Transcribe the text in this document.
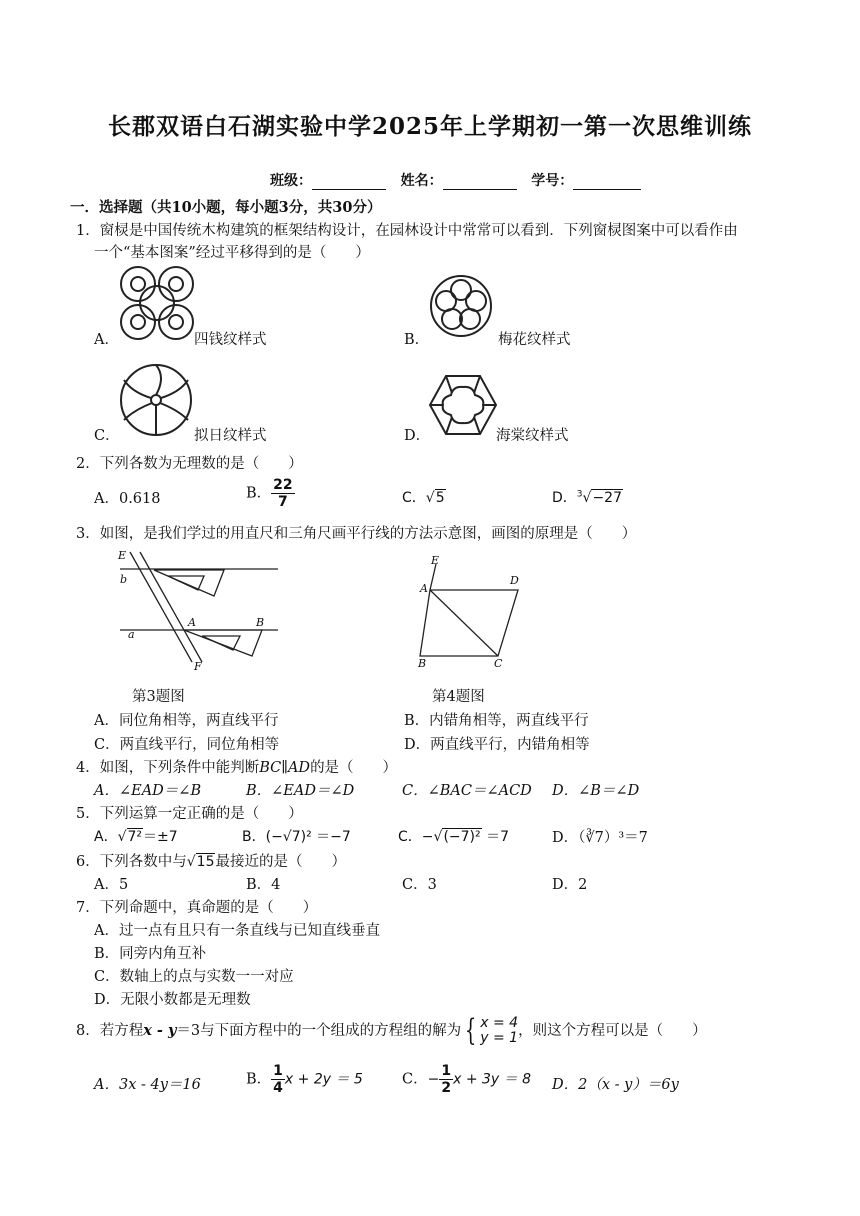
长郡双语白石湖实验中学2025年上学期初一第一次思维训练
班级：	姓名：	学号：
一．选择题（共10小题，每小题3分，共30分）
1．窗棂是中国传统木构建筑的框架结构设计，在园林设计中常常可以看到．下列窗棂图案中可以看作由
一个“基本图案”经过平移得到的是（　　）
A．	四钱纹样式	B．	梅花纹样式
C．	拟日纹样式	D．	海棠纹样式
2．下列各数为无理数的是（　　）
A．0.618	B． $\frac{22}{7}$	C．√5	D．$^3$√−27
3．如图，是我们学过的用直尺和三角尺画平行线的方法示意图，画图的原理是（　　）
E
b
a
A	B
F
E
A
D
B	C
第3题图	第4题图
A．同位角相等，两直线平行	B．内错角相等，两直线平行
C．两直线平行，同位角相等	D．两直线平行，内错角相等
4．如图，下列条件中能判断BC∥AD的是（　　）
A．∠EAD＝∠B	B．∠EAD＝∠D	C．∠BAC＝∠ACD D．∠B＝∠D
5．下列运算一定正确的是（　　）
A．√7²＝±7	B．(−√7)² ＝−7	C．−√(−7)² ＝7	D．（∛7）³＝7
6．下列各数中与√15最接近的是（　　）
A．5	B．4	C．3	D．2
7．下列命题中，真命题的是（　　）
A．过一点有且只有一条直线与已知直线垂直
B．同旁内角互补
C．数轴上的点与实数一一对应
D．无限小数都是无理数
8．若方程x - y＝3与下面方程中的一个组成的方程组的解为 { x = 4
y = 1 ，则这个方程可以是（　　）
A．3x - 4y＝16	B． $\frac{1}{4}$ x + 2y ＝ 5	C．− $\frac{1}{2}$ x + 3y ＝ 8 D．2（x - y）＝6y
